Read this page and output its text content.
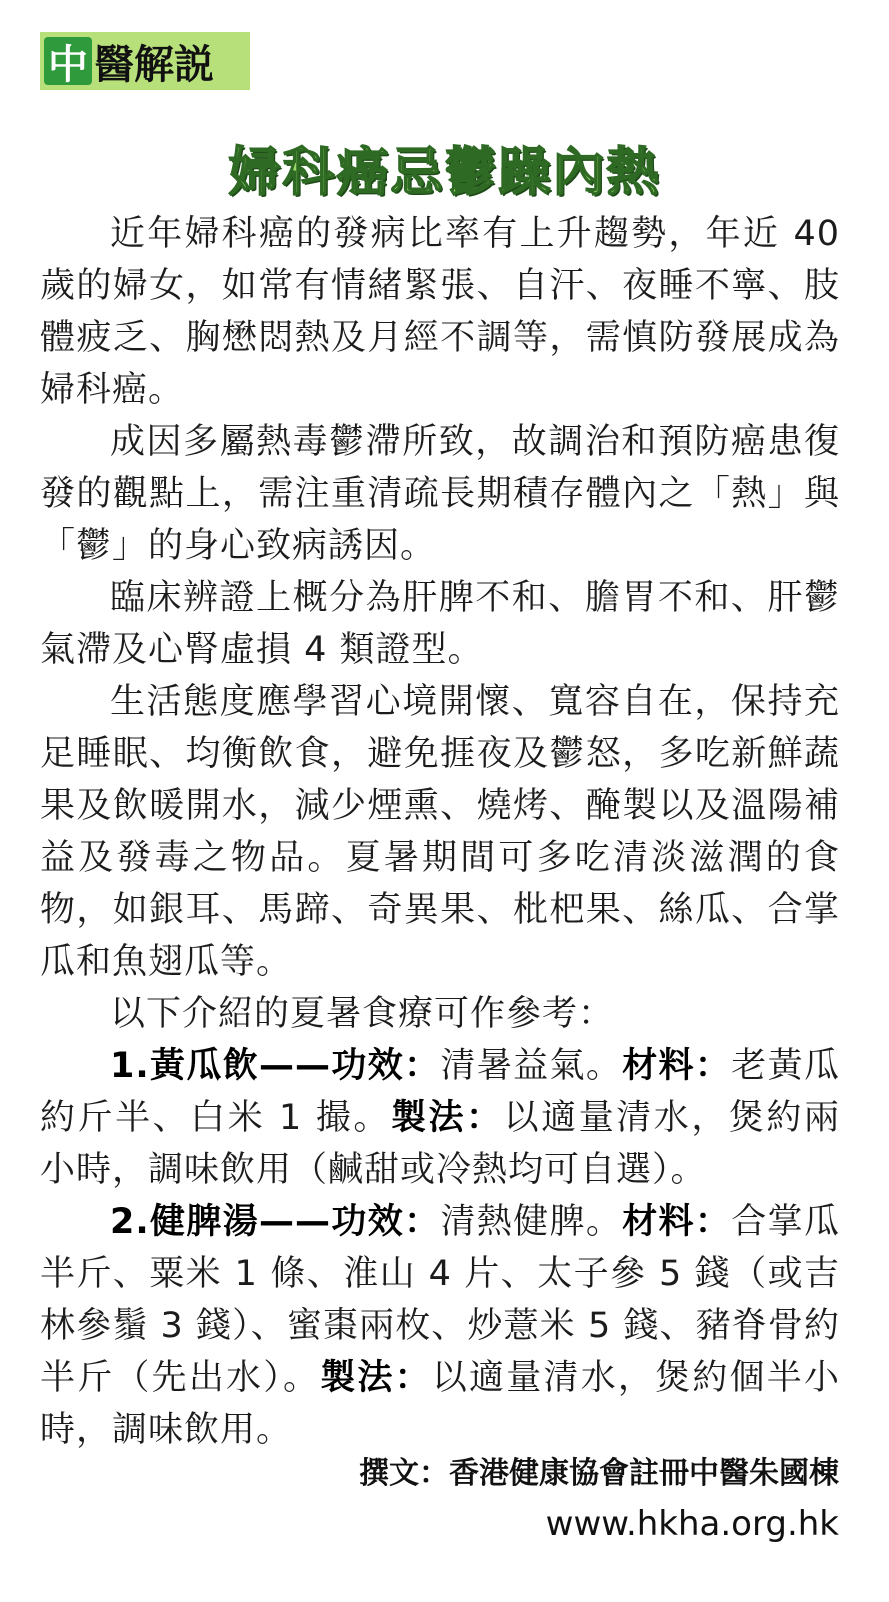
中 醫解説
婦科癌忌鬱躁內熱

近年婦科癌的發病比率有上升趨勢，年近 40 歲的婦女，如常有情緒緊張、自汗、夜睡不寧、肢體疲乏、胸懋悶熱及月經不調等，需慎防發展成為婦科癌。

成因多屬熱毒鬱滯所致，故調治和預防癌患復發的觀點上，需注重清疏長期積存體內之「熱」與「鬱」的身心致病誘因。

臨床辨證上概分為肝脾不和、膽胃不和、肝鬱氣滯及心腎虛損 4 類證型。

生活態度應學習心境開懷、寬容自在，保持充足睡眠、均衡飲食，避免捱夜及鬱怒，多吃新鮮蔬果及飲暖開水，減少煙熏、燒烤、醃製以及溫陽補益及發毒之物品。夏暑期間可多吃清淡滋潤的食物，如銀耳、馬蹄、奇異果、枇杷果、絲瓜、合掌瓜和魚翅瓜等。

以下介紹的夏暑食療可作參考：

1.黃瓜飲——功效：清暑益氣。材料：老黃瓜約斤半、白米 1 撮。製法：以適量清水，煲約兩小時，調味飲用（鹹甜或冷熱均可自選）。

2.健脾湯——功效：清熱健脾。材料：合掌瓜半斤、粟米 1 條、淮山 4 片、太子參 5 錢（或吉林參鬚 3 錢）、蜜棗兩枚、炒薏米 5 錢、豬脊骨約半斤（先出水）。製法：以適量清水，煲約個半小時，調味飲用。

撰文：香港健康協會註冊中醫朱國棟
www.hkha.org.hk
